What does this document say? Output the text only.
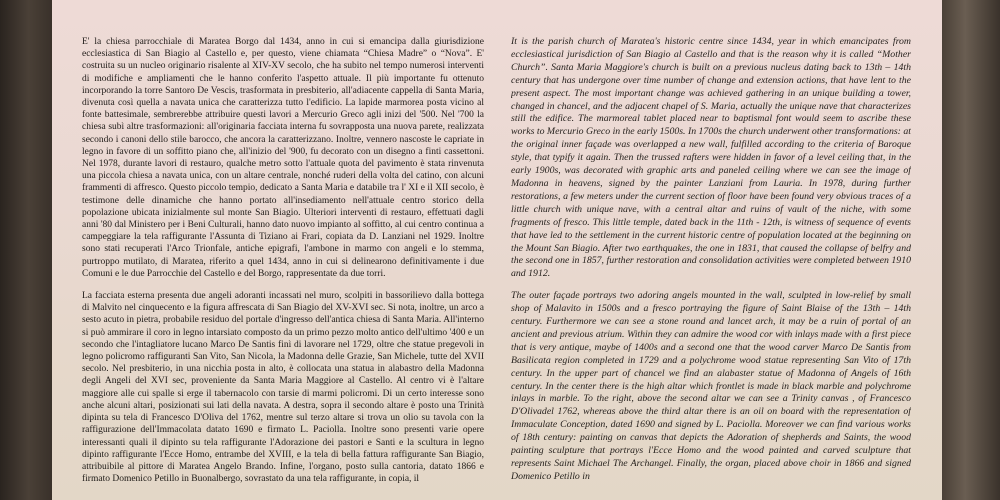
E' la chiesa parrocchiale di Maratea Borgo dal 1434, anno in cui si emancipa dalla giurisdizione ecclesiastica di San Biagio al Castello e, per questo, viene chiamata “Chiesa Madre” o “Nova”. E' costruita su un nucleo originario risalente al XIV-XV secolo, che ha subito nel tempo numerosi interventi di modifiche e ampliamenti che le hanno conferito l'aspetto attuale. Il più importante fu ottenuto incorporando la torre Santoro De Vescis, trasformata in presbiterio, all'adiacente cappella di Santa Maria, divenuta così quella a navata unica che caratterizza tutto l'edificio. La lapide marmorea posta vicino al fonte battesimale, sembrerebbe attribuire questi lavori a Mercurio Greco agli inizi del '500. Nel '700 la chiesa subì altre trasformazioni: all'originaria facciata interna fu sovrapposta una nuova parete, realizzata secondo i canoni dello stile barocco, che ancora la caratterizzano. Inoltre, vennero nascoste le capriate in legno in favore di un soffitto piano che, all'inizio del '900, fu decorato con un disegno a finti cassettoni. Nel 1978, durante lavori di restauro, qualche metro sotto l'attuale quota del pavimento è stata rinvenuta una piccola chiesa a navata unica, con un altare centrale, nonché ruderi della volta del catino, con alcuni frammenti di affresco. Questo piccolo tempio, dedicato a Santa Maria e databile tra l' XI e il XII secolo, è testimone delle dinamiche che hanno portato all'insediamento nell'attuale centro storico della popolazione ubicata inizialmente sul monte San Biagio. Ulteriori interventi di restauro, effettuati dagli anni '80 dal Ministero per i Beni Culturali, hanno dato nuovo impianto al soffitto, al cui centro continua a campeggiare la tela raffigurante l'Assunta di Tiziano ai Frari, copiata da D. Lanziani nel 1929. Inoltre sono stati recuperati l'Arco Trionfale, antiche epigrafi, l'ambone in marmo con angeli e lo stemma, purtroppo mutilato, di Maratea, riferito a quel 1434, anno in cui si delinearono definitivamente i due Comuni e le due Parrocchie del Castello e del Borgo, rappresentate da due torri.

La facciata esterna presenta due angeli adoranti incassati nel muro, scolpiti in bassorilievo dalla bottega di Malvito nel cinquecento e la figura affrescata di San Biagio del XV-XVI sec. Si nota, inoltre, un arco a sesto acuto in pietra, probabile residuo del portale d'ingresso dell'antica chiesa di Santa Maria. All'interno si può ammirare il coro in legno intarsiato composto da un primo pezzo molto antico dell'ultimo '400 e un secondo che l'intagliatore lucano Marco De Santis finì di lavorare nel 1729, oltre che statue pregevoli in legno policromo raffiguranti San Vito, San Nicola, la Madonna delle Grazie, San Michele, tutte del XVII secolo. Nel presbiterio, in una nicchia posta in alto, è collocata una statua in alabastro della Madonna degli Angeli del XVI sec, proveniente da Santa Maria Maggiore al Castello. Al centro vi è l'altare maggiore alle cui spalle si erge il tabernacolo con tarsie di marmi policromi. Di un certo interesse sono anche alcuni altari, posizionati sui lati della navata. A destra, sopra il secondo altare è posto una Trinità dipinta su tela di Francesco D'Oliva del 1762, mentre sul terzo altare si trova un olio su tavola con la raffigurazione dell'Immacolata datato 1690 e firmato L. Paciolla. Inoltre sono presenti varie opere interessanti quali il dipinto su tela raffigurante l'Adorazione dei pastori e Santi e la scultura in legno dipinto raffigurante l'Ecce Homo, entrambe del XVIII, e la tela di bella fattura raffigurante San Biagio, attribuibile al pittore di Maratea Angelo Brando. Infine, l'organo, posto sulla cantoria, datato 1866 e firmato Domenico Petillo in Buonalbergo, sovrastato da una tela raffigurante, in copia, il

It is the parish church of Maratea's historic centre since 1434, year in which emancipates from ecclesiastical jurisdiction of San Biagio al Castello and that is the reason why it is called “Mother Church”. Santa Maria Maggiore's church is built on a previous nucleus dating back to 13th – 14th century that has undergone over time number of change and extension actions, that have lent to the present aspect. The most important change was achieved gathering in an unique building a tower, changed in chancel, and the adjacent chapel of S. Maria, actually the unique nave that characterizes still the edifice. The marmoreal tablet placed near to baptismal font would seem to ascribe these works to Mercurio Greco in the early 1500s. In 1700s the church underwent other transformations: at the original inner façade was overlapped a new wall, fulfilled according to the criteria of Baroque style, that typify it again. Then the trussed rafters were hidden in favor of a level ceiling that, in the early 1900s, was decorated with graphic arts and paneled ceiling where we can see the image of Madonna in heavens, signed by the painter Lanziani from Lauria. In 1978, during further restorations, a few meters under the current section of floor have been found very obvious traces of a little church with unique nave, with a central altar and ruins of vault of the niche, with some fragments of fresco. This little temple, dated back in the 11th - 12th, is witness of sequence of events that have led to the settlement in the current historic centre of population located at the beginning on the Mount San Biagio. After two earthquakes, the one in 1831, that caused the collapse of belfry and the second one in 1857, further restoration and consolidation activities were completed between 1910 and 1912.

The outer façade portrays two adoring angels mounted in the wall, sculpted in low-relief by small shop of Malavito in 1500s and a fresco portraying the figure of Saint Blaise of the 13th – 14th century. Furthermore we can see a stone round and lancet arch, it may be a ruin of portal of an ancient and previous atrium. Within they can admire the wood cor with inlays made with a first piece that is very antique, maybe of 1400s and a second one that the wood carver Marco De Santis from Basilicata region completed in 1729 and a polychrome wood statue representing San Vito of 17th century. In the upper part of chancel we find an alabaster statue of Madonna of Angels of 16th century. In the center there is the high altar which frontlet is made in black marble and polychrome inlays in marble. To the right, above the second altar we can see a Trinity canvas , of Francesco D'Olivadel 1762, whereas above the third altar there is an oil on board with the representation of Immaculate Conception, dated 1690 and signed by L. Paciolla. Moreover we can find various works of 18th century: painting on canvas that depicts the Adoration of shepherds and Saints, the wood painting sculpture that portrays l'Ecce Homo and the wood painted and carved sculpture that represents Saint Michael The Archangel. Finally, the organ, placed above choir in 1866 and signed Domenico Petillo in
